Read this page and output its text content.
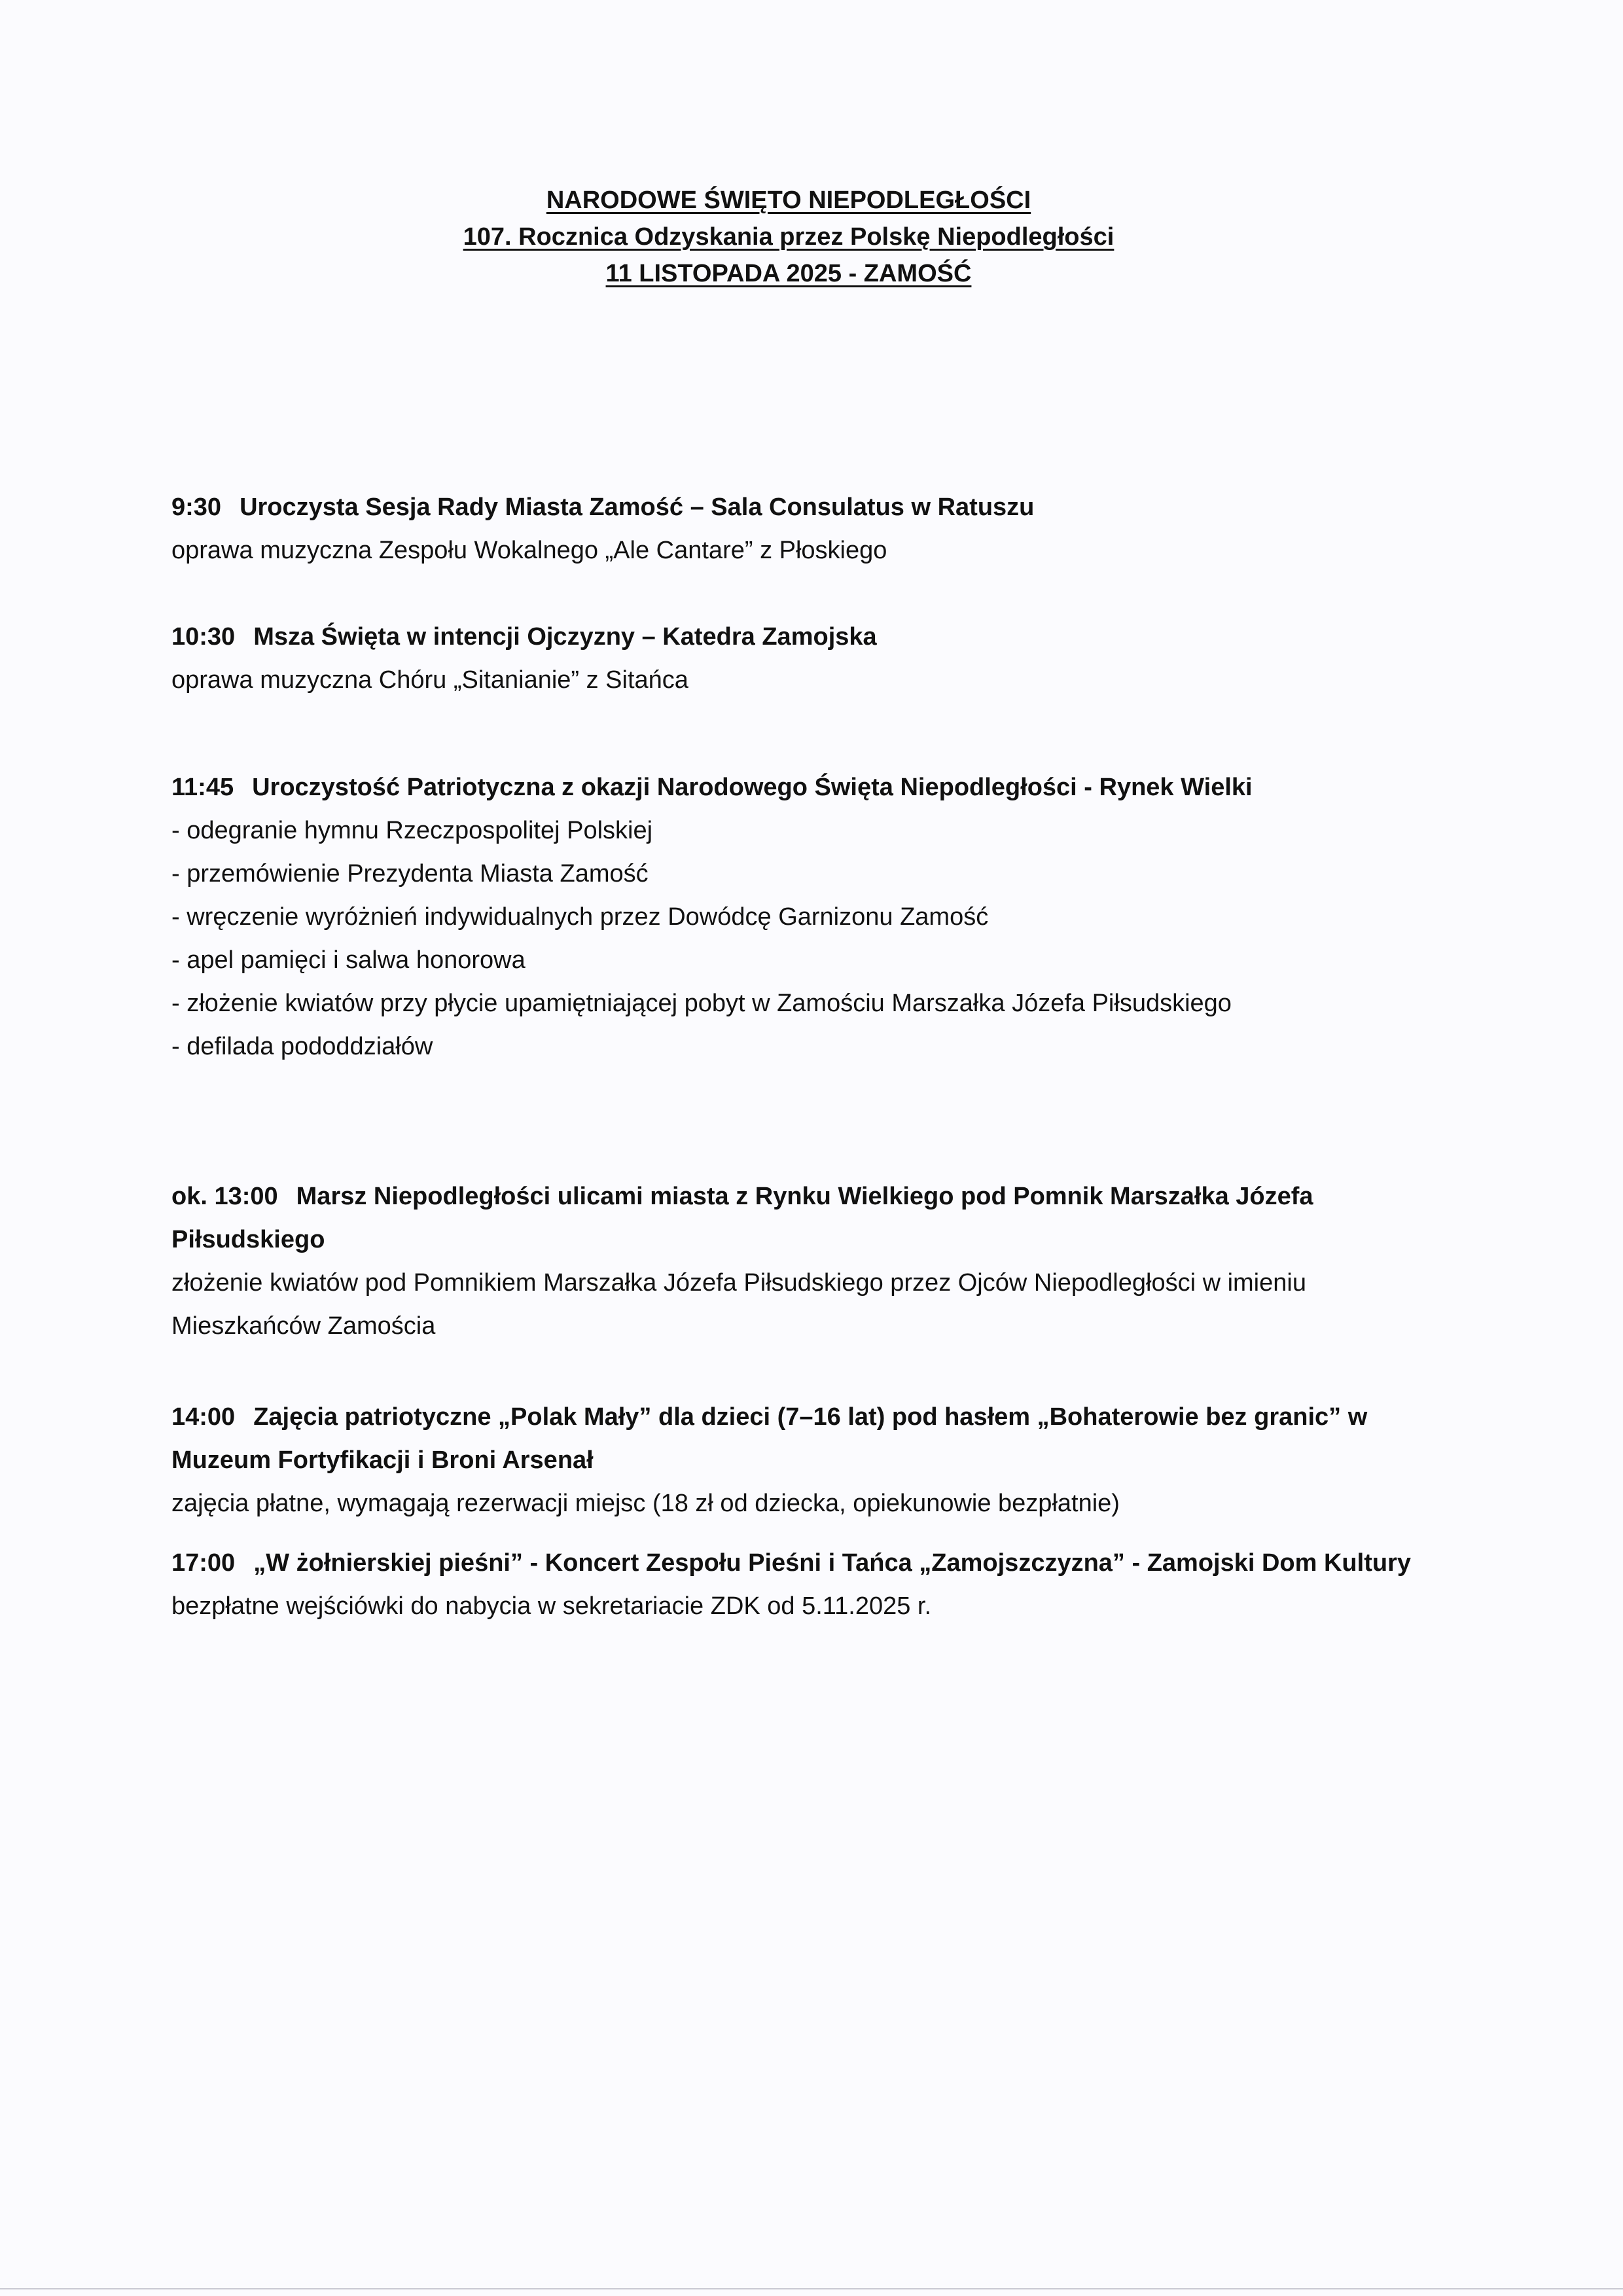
NARODOWE ŚWIĘTO NIEPODLEGŁOŚCI
107. Rocznica Odzyskania przez Polskę Niepodległości
11 LISTOPADA 2025 - ZAMOŚĆ
9:30 Uroczysta Sesja Rady Miasta Zamość – Sala Consulatus w Ratuszu
oprawa muzyczna Zespołu Wokalnego „Ale Cantare” z Płoskiego
10:30 Msza Święta w intencji Ojczyzny – Katedra Zamojska
oprawa muzyczna Chóru „Sitanianie” z Sitańca
11:45 Uroczystość Patriotyczna z okazji Narodowego Święta Niepodległości - Rynek Wielki
- odegranie hymnu Rzeczpospolitej Polskiej
- przemówienie Prezydenta Miasta Zamość
- wręczenie wyróżnień indywidualnych przez Dowódcę Garnizonu Zamość
- apel pamięci i salwa honorowa
- złożenie kwiatów przy płycie upamiętniającej pobyt w Zamościu Marszałka Józefa Piłsudskiego
- defilada pododdziałów
ok. 13:00 Marsz Niepodległości ulicami miasta z Rynku Wielkiego pod Pomnik Marszałka Józefa Piłsudskiego
złożenie kwiatów pod Pomnikiem Marszałka Józefa Piłsudskiego przez Ojców Niepodległości w imieniu Mieszkańców Zamościa
14:00 Zajęcia patriotyczne „Polak Mały” dla dzieci (7–16 lat) pod hasłem „Bohaterowie bez granic” w Muzeum Fortyfikacji i Broni Arsenał
zajęcia płatne, wymagają rezerwacji miejsc (18 zł od dziecka, opiekunowie bezpłatnie)
17:00 „W żołnierskiej pieśni” - Koncert Zespołu Pieśni i Tańca „Zamojszczyzna” - Zamojski Dom Kultury
bezpłatne wejściówki do nabycia w sekretariacie ZDK od 5.11.2025 r.
